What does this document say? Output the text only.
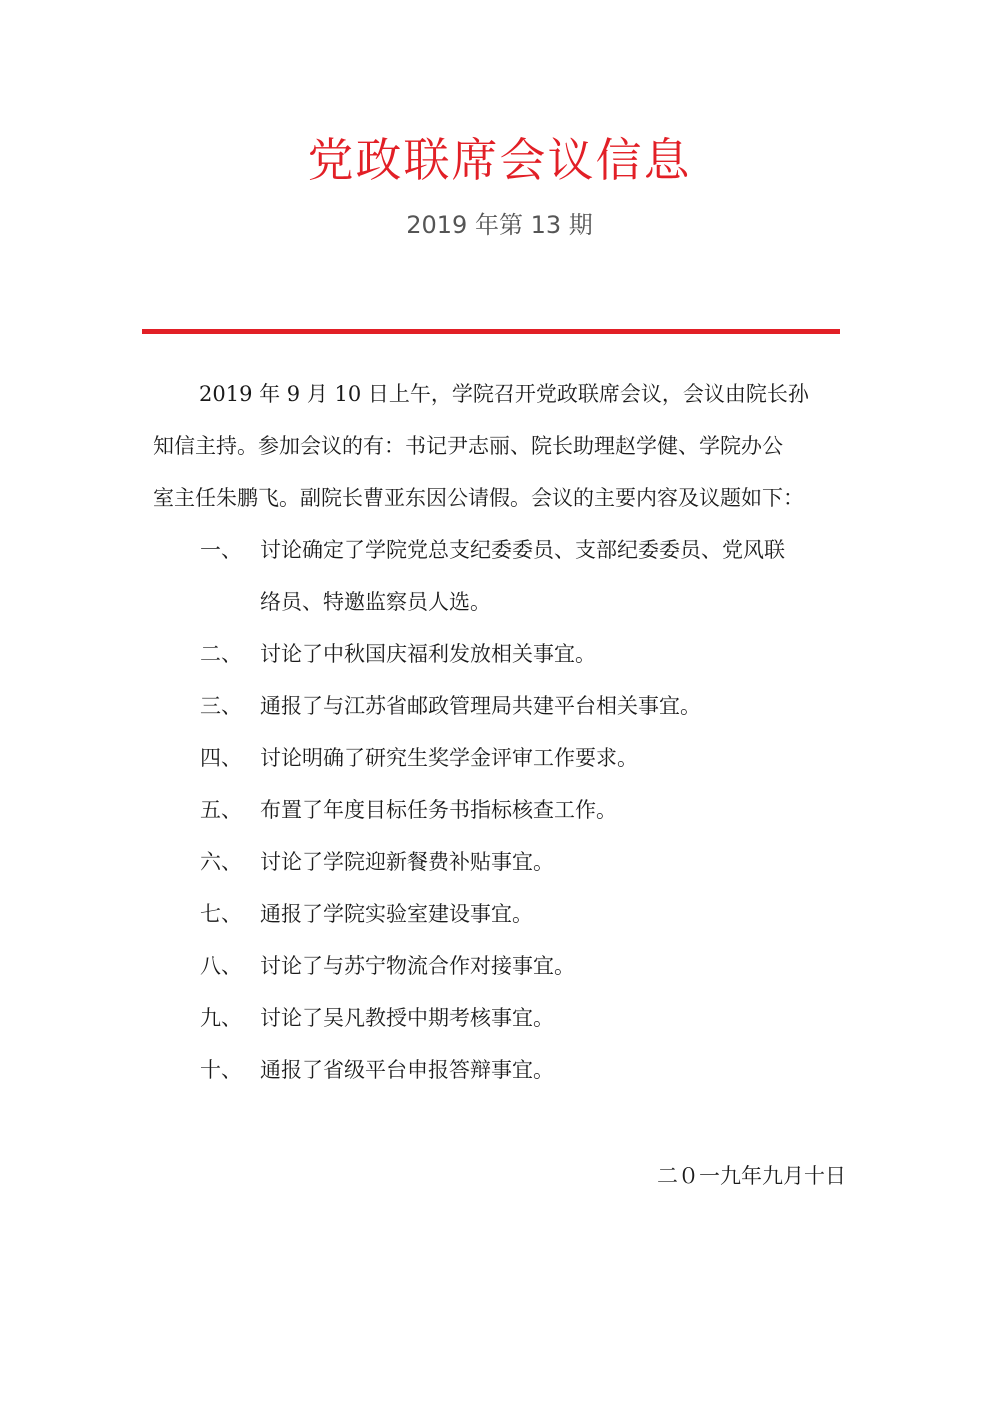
党政联席会议信息
2019 年第 13 期
2019 年 9 月 10 日上午，学院召开党政联席会议，会议由院长孙
知信主持。参加会议的有：书记尹志丽、院长助理赵学健、学院办公
室主任朱鹏飞。副院长曹亚东因公请假。会议的主要内容及议题如下：
一、 讨论确定了学院党总支纪委委员、支部纪委委员、党风联
络员、特邀监察员人选。
二、 讨论了中秋国庆福利发放相关事宜。
三、 通报了与江苏省邮政管理局共建平台相关事宜。
四、 讨论明确了研究生奖学金评审工作要求。
五、 布置了年度目标任务书指标核查工作。
六、 讨论了学院迎新餐费补贴事宜。
七、 通报了学院实验室建设事宜。
八、 讨论了与苏宁物流合作对接事宜。
九、 讨论了吴凡教授中期考核事宜。
十、 通报了省级平台申报答辩事宜。
二０一九年九月十日
